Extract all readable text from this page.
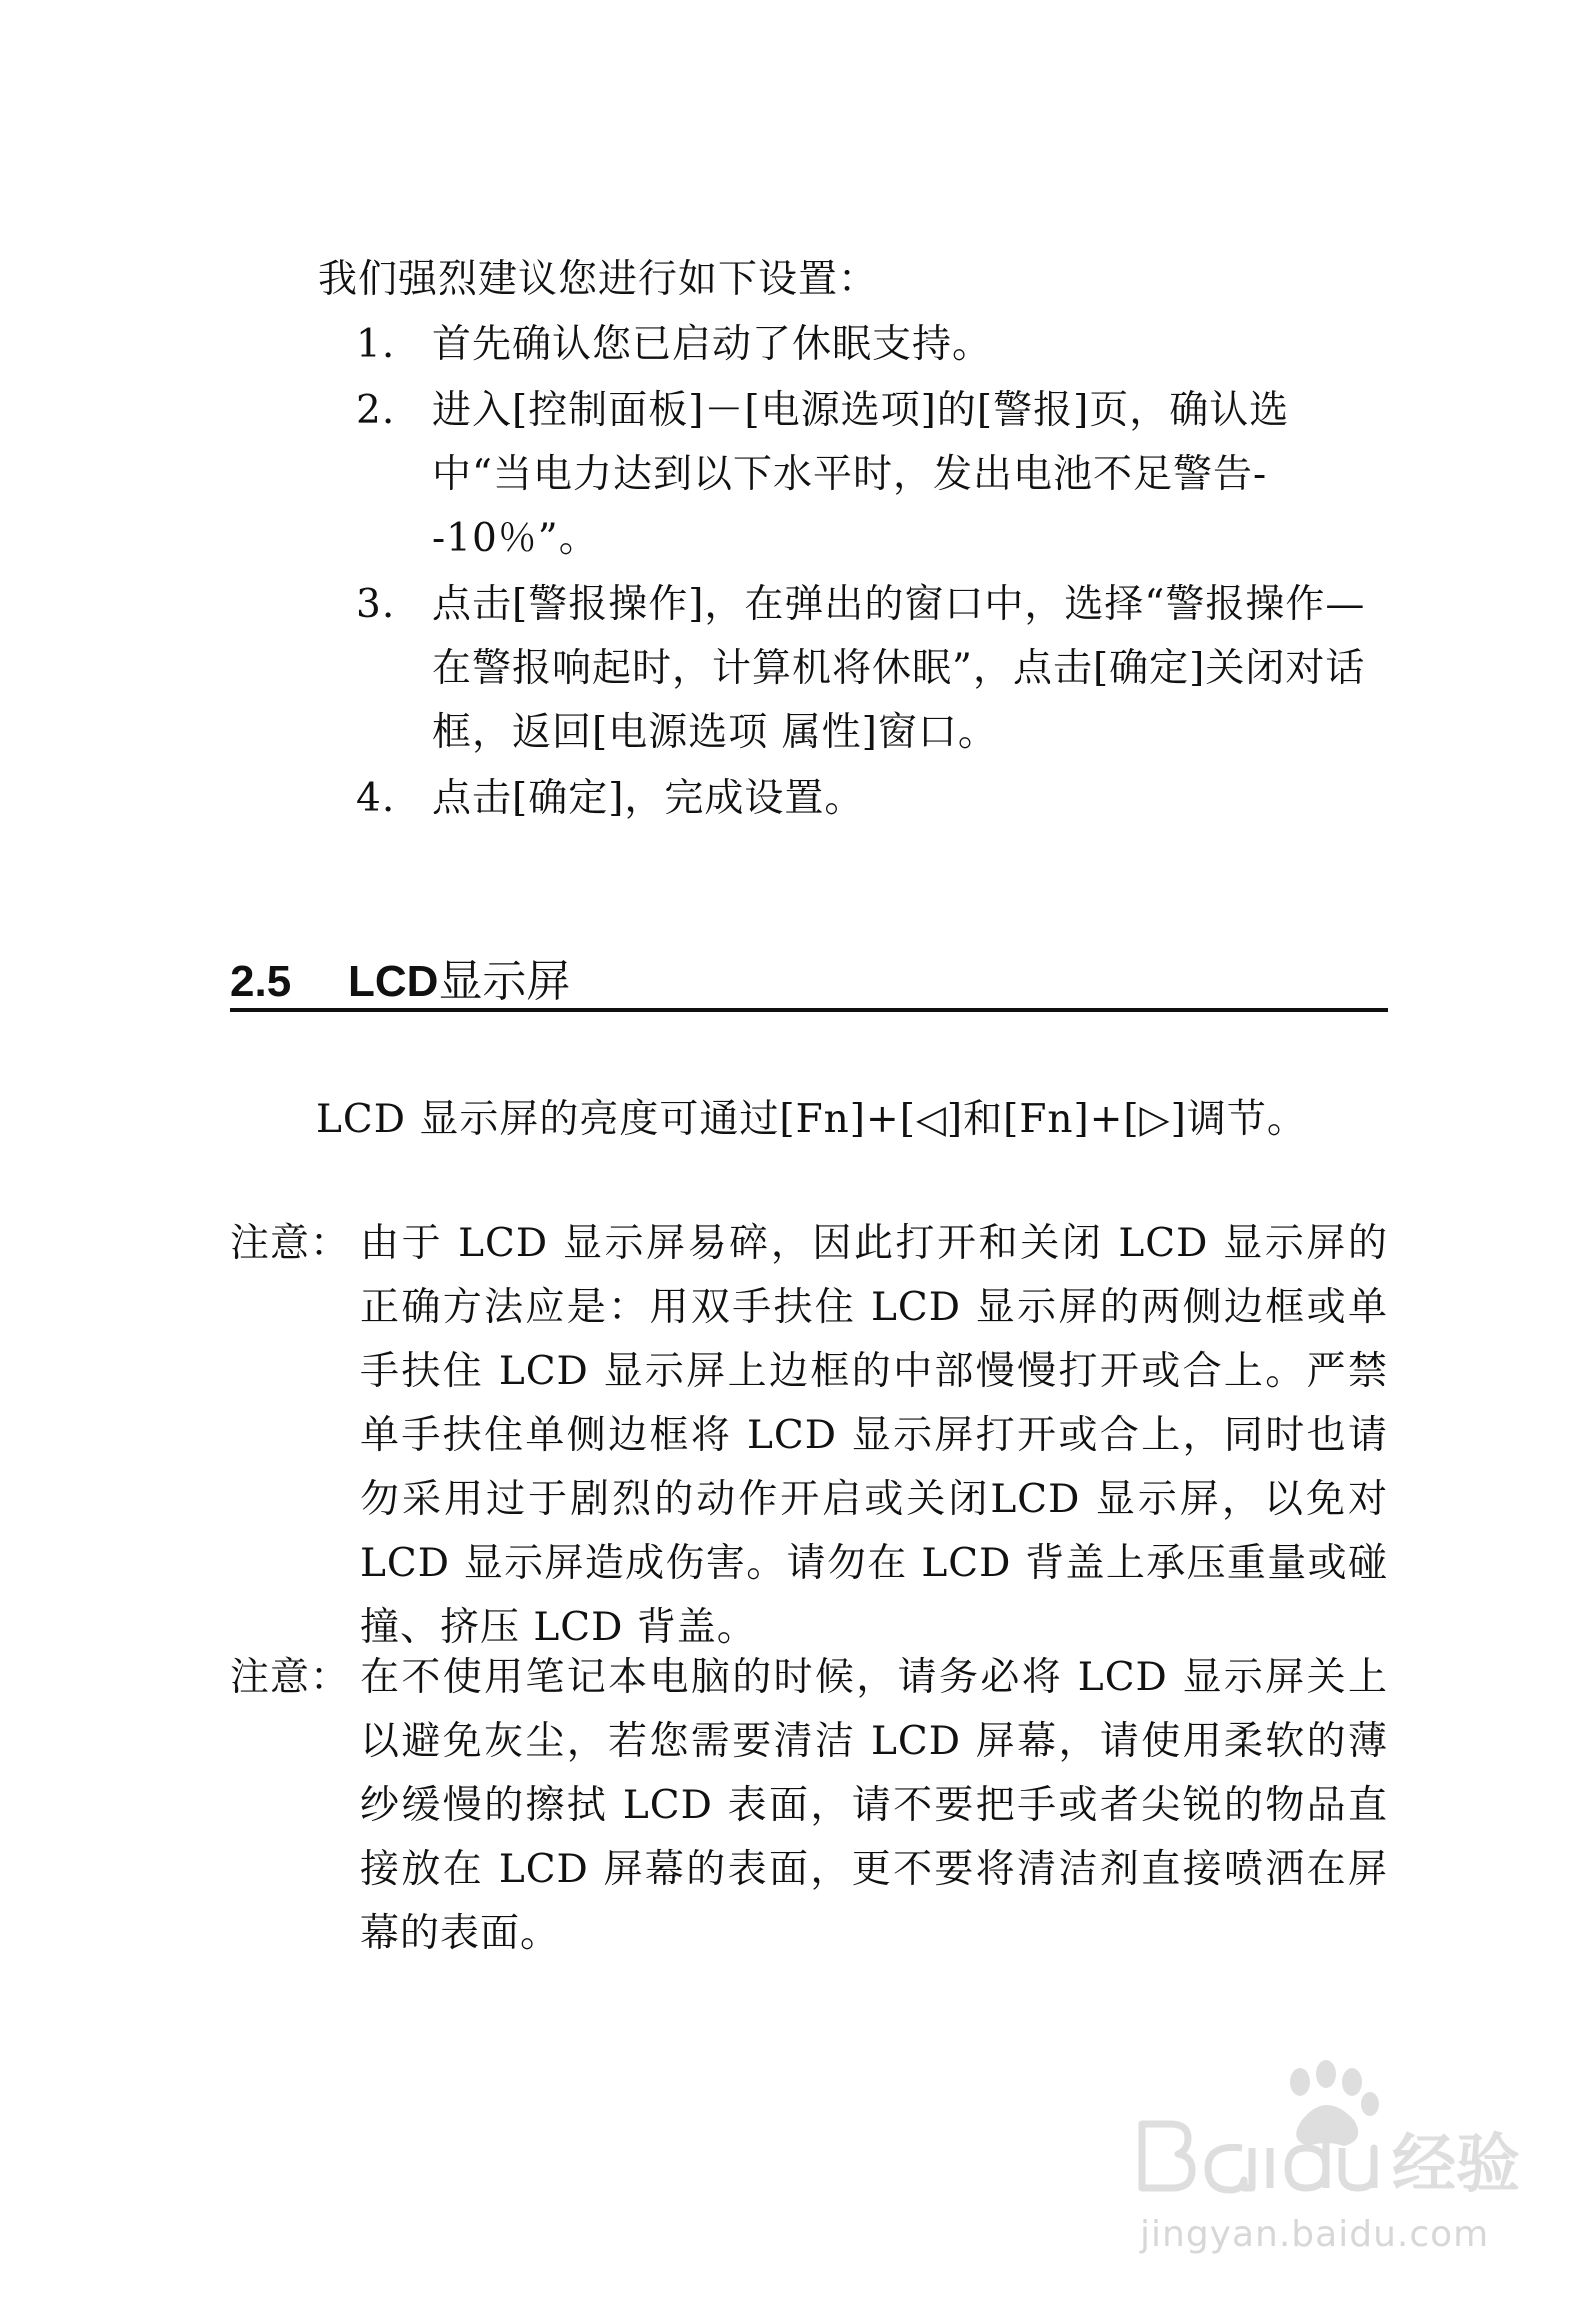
我们强烈建议您进行如下设置：

1. 首先确认您已启动了休眠支持。
2. 进入[控制面板]－[电源选项]的[警报]页，确认选中“当电力达到以下水平时，发出电池不足警告--10％”。
3. 点击[警报操作]，在弹出的窗口中，选择“警报操作—在警报响起时，计算机将休眠”，点击[确定]关闭对话框，返回[电源选项 属性]窗口。
4. 点击[确定]，完成设置。
2.5	LCD显示屏

LCD 显示屏的亮度可通过[Fn]+[◁]和[Fn]+[▷]调节。

注意： 由于 LCD 显示屏易碎，因此打开和关闭 LCD 显示屏的正确方法应是：用双手扶住 LCD 显示屏的两侧边框或单手扶住 LCD 显示屏上边框的中部慢慢打开或合上。严禁单手扶住单侧边框将 LCD 显示屏打开或合上，同时也请勿采用过于剧烈的动作开启或关闭LCD 显示屏，以免对LCD 显示屏造成伤害。请勿在 LCD 背盖上承压重量或碰撞、挤压 LCD 背盖。
注意： 在不使用笔记本电脑的时候，请务必将 LCD 显示屏关上以避免灰尘，若您需要清洁 LCD 屏幕，请使用柔软的薄纱缓慢的擦拭 LCD 表面，请不要把手或者尖锐的物品直接放在 LCD 屏幕的表面，更不要将清洁剂直接喷洒在屏幕的表面。
经验
jingyan.baidu.com
